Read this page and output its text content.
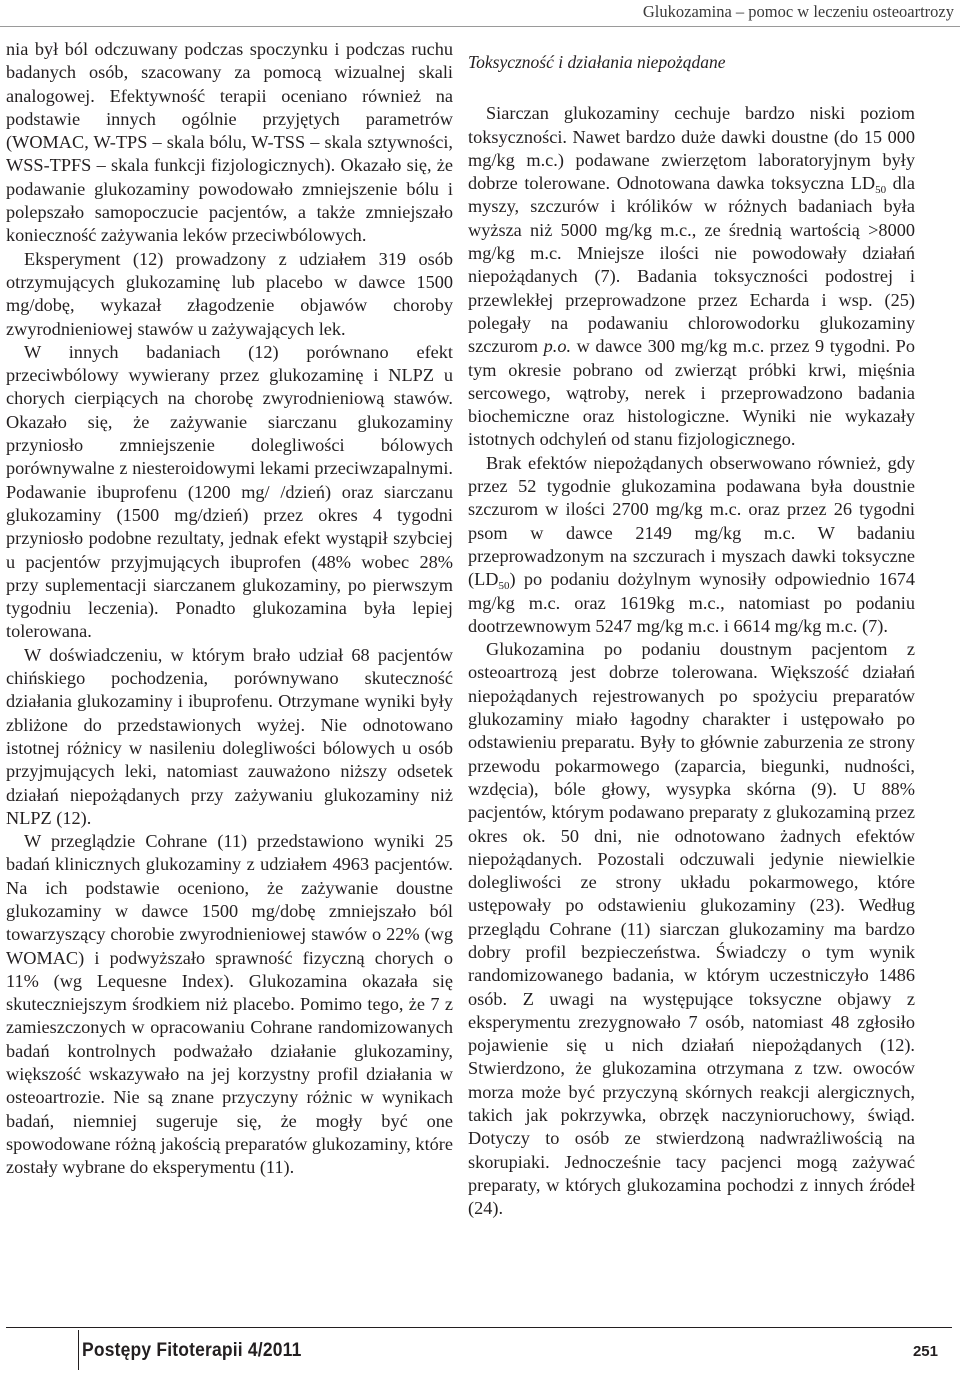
Glukozamina – pomoc w leczeniu osteoartrozy

nia był ból odczuwany podczas spoczynku i podczas ruchu badanych osób, szacowany za pomocą wizualnej skali analogowej. Efektywność terapii oceniano również na podstawie innych ogólnie przyjętych parametrów (WOMAC, W-TPS – skala bólu, W-TSS – skala sztywności, WSS-TPFS – skala funkcji fizjologicznych). Okazało się, że podawanie glukozaminy powodowało zmniejszenie bólu i polepszało samopoczucie pacjentów, a także zmniejszało konieczność zażywania leków przeciwbólowych.

Eksperyment (12) prowadzony z udziałem 319 osób otrzymujących glukozaminę lub placebo w dawce 1500 mg/dobę, wykazał złagodzenie objawów choroby zwyrodnieniowej stawów u zażywających lek.

W innych badaniach (12) porównano efekt przeciwbólowy wywierany przez glukozaminę i NLPZ u chorych cierpiących na chorobę zwyrodnieniową stawów. Okazało się, że zażywanie siarczanu glukozaminy przyniosło zmniejszenie dolegliwości bólowych porównywalne z niesteroidowymi lekami przeciwzapalnymi. Podawanie ibuprofenu (1200 mg/ /dzień) oraz siarczanu glukozaminy (1500 mg/dzień) przez okres 4 tygodni przyniosło podobne rezultaty, jednak efekt wystąpił szybciej u pacjentów przyjmujących ibuprofen (48% wobec 28% przy suplementacji siarczanem glukozaminy, po pierwszym tygodniu leczenia). Ponadto glukozamina była lepiej tolerowana.

W doświadczeniu, w którym brało udział 68 pacjentów chińskiego pochodzenia, porównywano skuteczność działania glukozaminy i ibuprofenu. Otrzymane wyniki były zbliżone do przedstawionych wyżej. Nie odnotowano istotnej różnicy w nasileniu dolegliwości bólowych u osób przyjmujących leki, natomiast zauważono niższy odsetek działań niepożądanych przy zażywaniu glukozaminy niż NLPZ (12).

W przeglądzie Cohrane (11) przedstawiono wyniki 25 badań klinicznych glukozaminy z udziałem 4963 pacjentów. Na ich podstawie oceniono, że zażywanie doustne glukozaminy w dawce 1500 mg/dobę zmniejszało ból towarzyszący chorobie zwyrodnieniowej stawów o 22% (wg WOMAC) i podwyższało sprawność fizyczną chorych o 11% (wg Lequesne Index). Glukozamina okazała się skuteczniejszym środkiem niż placebo. Pomimo tego, że 7 z zamieszczonych w opracowaniu Cohrane randomizowanych badań kontrolnych podważało działanie glukozaminy, większość wskazywało na jej korzystny profil działania w osteoartrozie. Nie są znane przyczyny różnic w wynikach badań, niemniej sugeruje się, że mogły być one spowodowane różną jakością preparatów glukozaminy, które zostały wybrane do eksperymentu (11).

Toksyczność i działania niepożądane

Siarczan glukozaminy cechuje bardzo niski poziom toksyczności. Nawet bardzo duże dawki doustne (do 15 000 mg/kg m.c.) podawane zwierzętom laboratoryjnym były dobrze tolerowane. Odnotowana dawka toksyczna $LD_{50}$ dla myszy, szczurów i królików w różnych badaniach była wyższa niż 5000 mg/kg m.c., ze średnią wartością >8000 mg/kg m.c. Mniejsze ilości nie powodowały działań niepożądanych (7). Badania toksyczności podostrej i przewlekłej przeprowadzone przez Echarda i wsp. (25) polegały na podawaniu chlorowodorku glukozaminy szczurom p.o. w dawce 300 mg/kg m.c. przez 9 tygodni. Po tym okresie pobrano od zwierząt próbki krwi, mięśnia sercowego, wątroby, nerek i przeprowadzono badania biochemiczne oraz histologiczne. Wyniki nie wykazały istotnych odchyleń od stanu fizjologicznego.

Brak efektów niepożądanych obserwowano również, gdy przez 52 tygodnie glukozamina podawana była doustnie szczurom w ilości 2700 mg/kg m.c. oraz przez 26 tygodni psom w dawce 2149 mg/kg m.c. W badaniu przeprowadzonym na szczurach i myszach dawki toksyczne $(LD_{50})$ po podaniu dożylnym wynosiły odpowiednio 1674 mg/kg m.c. oraz 1619kg m.c., natomiast po podaniu dootrzewnowym 5247 mg/kg m.c. i 6614 mg/kg m.c. (7).

Glukozamina po podaniu doustnym pacjentom z osteoartrozą jest dobrze tolerowana. Większość działań niepożądanych rejestrowanych po spożyciu preparatów glukozaminy miało łagodny charakter i ustępowało po odstawieniu preparatu. Były to głównie zaburzenia ze strony przewodu pokarmowego (zaparcia, biegunki, nudności, wzdęcia), bóle głowy, wysypka skórna (9). U 88% pacjentów, którym podawano preparaty z glukozaminą przez okres ok. 50 dni, nie odnotowano żadnych efektów niepożądanych. Pozostali odczuwali jedynie niewielkie dolegliwości ze strony układu pokarmowego, które ustępowały po odstawieniu glukozaminy (23). Według przeglądu Cohrane (11) siarczan glukozaminy ma bardzo dobry profil bezpieczeństwa. Świadczy o tym wynik randomizowanego badania, w którym uczestniczyło 1486 osób. Z uwagi na występujące toksyczne objawy z eksperymentu zrezygnowało 7 osób, natomiast 48 zgłosiło pojawienie się u nich działań niepożądanych (12). Stwierdzono, że glukozamina otrzymana z tzw. owoców morza może być przyczyną skórnych reakcji alergicznych, takich jak pokrzywka, obrzęk naczynioruchowy, świąd. Dotyczy to osób ze stwierdzoną nadwrażliwością na skorupiaki. Jednocześnie tacy pacjenci mogą zażywać preparaty, w których glukozamina pochodzi z innych źródeł (24).

Postępy Fitoterapii 4/2011	251
